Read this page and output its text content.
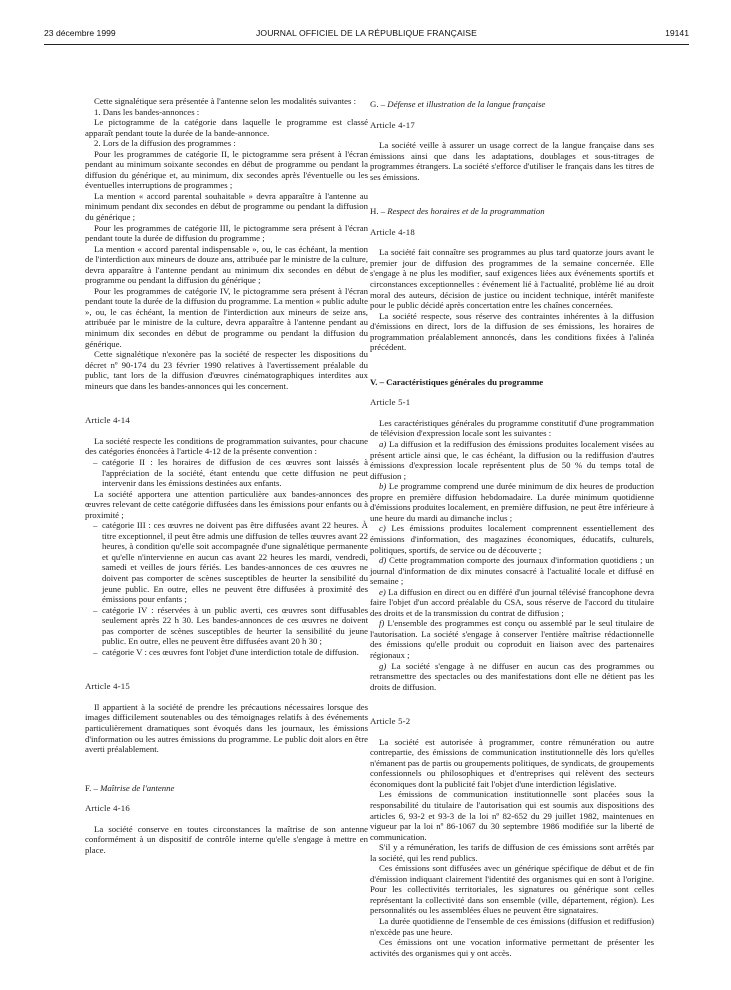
23 décembre 1999	JOURNAL OFFICIEL DE LA RÉPUBLIQUE FRANÇAISE	19141

Cette signalétique sera présentée à l'antenne selon les modalités suivantes :

1. Dans les bandes-annonces :

Le pictogramme de la catégorie dans laquelle le programme est classé apparaît pendant toute la durée de la bande-annonce.

2. Lors de la diffusion des programmes :

Pour les programmes de catégorie II, le pictogramme sera présent à l'écran pendant au minimum soixante secondes en début de programme ou pendant la diffusion du générique et, au minimum, dix secondes après l'éventuelle ou les éventuelles interruptions de programmes ;

La mention « accord parental souhaitable » devra apparaître à l'antenne au minimum pendant dix secondes en début de programme ou pendant la diffusion du générique ;

Pour les programmes de catégorie III, le pictogramme sera présent à l'écran pendant toute la durée de diffusion du programme ;

La mention « accord parental indispensable », ou, le cas échéant, la mention de l'interdiction aux mineurs de douze ans, attribuée par le ministre de la culture, devra apparaître à l'antenne pendant au minimum dix secondes en début de programme ou pendant la diffusion du générique ;

Pour les programmes de catégorie IV, le pictogramme sera présent à l'écran pendant toute la durée de la diffusion du programme. La mention « public adulte », ou, le cas échéant, la mention de l'interdiction aux mineurs de seize ans, attribuée par le ministre de la culture, devra apparaître à l'antenne pendant au minimum dix secondes en début de programme ou pendant la diffusion du générique.

Cette signalétique n'exonère pas la société de respecter les dispositions du décret nº 90-174 du 23 février 1990 relatives à l'avertissement préalable du public, tant lors de la diffusion d'œuvres cinématographiques interdites aux mineurs que dans les bandes-annonces qui les concernent.

Article 4-14

La société respecte les conditions de programmation suivantes, pour chacune des catégories énoncées à l'article 4-12 de la présente convention :

– catégorie II : les horaires de diffusion de ces œuvres sont laissés à l'appréciation de la société, étant entendu que cette diffusion ne peut intervenir dans les émissions destinées aux enfants.

La société apportera une attention particulière aux bandes-annonces des œuvres relevant de cette catégorie diffusées dans les émissions pour enfants ou à proximité ;

– catégorie III : ces œuvres ne doivent pas être diffusées avant 22 heures. À titre exceptionnel, il peut être admis une diffusion de telles œuvres avant 22 heures, à condition qu'elle soit accompagnée d'une signalétique permanente et qu'elle n'intervienne en aucun cas avant 22 heures les mardi, vendredi, samedi et veilles de jours fériés. Les bandes-annonces de ces œuvres ne doivent pas comporter de scènes susceptibles de heurter la sensibilité du jeune public. En outre, elles ne peuvent être diffusées à proximité des émissions pour enfants ;
– catégorie IV : réservées à un public averti, ces œuvres sont diffusables seulement après 22 h 30. Les bandes-annonces de ces œuvres ne doivent pas comporter de scènes susceptibles de heurter la sensibilité du jeune public. En outre, elles ne peuvent être diffusées avant 20 h 30 ;
– catégorie V : ces œuvres font l'objet d'une interdiction totale de diffusion.

Article 4-15

Il appartient à la société de prendre les précautions nécessaires lorsque des images difficilement soutenables ou des témoignages relatifs à des événements particulièrement dramatiques sont évoqués dans les journaux, les émissions d'information ou les autres émissions du programme. Le public doit alors en être averti préalablement.

F. – Maîtrise de l'antenne

Article 4-16

La société conserve en toutes circonstances la maîtrise de son antenne conformément à un dispositif de contrôle interne qu'elle s'engage à mettre en place.

G. – Défense et illustration de la langue française

Article 4-17

La société veille à assurer un usage correct de la langue française dans ses émissions ainsi que dans les adaptations, doublages et sous-titrages de programmes étrangers. La société s'efforce d'utiliser le français dans les titres de ses émissions.

H. – Respect des horaires et de la programmation

Article 4-18

La société fait connaître ses programmes au plus tard quatorze jours avant le premier jour de diffusion des programmes de la semaine concernée. Elle s'engage à ne plus les modifier, sauf exigences liées aux événements sportifs et circonstances exceptionnelles : événement lié à l'actualité, problème lié au droit moral des auteurs, décision de justice ou incident technique, intérêt manifeste pour le public décidé après concertation entre les chaînes concernées.

La société respecte, sous réserve des contraintes inhérentes à la diffusion d'émissions en direct, lors de la diffusion de ses émissions, les horaires de programmation préalablement annoncés, dans les conditions fixées à l'alinéa précédent.

V. – Caractéristiques générales du programme

Article 5-1

Les caractéristiques générales du programme constitutif d'une programmation de télévision d'expression locale sont les suivantes :

a) La diffusion et la rediffusion des émissions produites localement visées au présent article ainsi que, le cas échéant, la diffusion ou la rediffusion d'autres émissions d'expression locale représentent plus de 50 % du temps total de diffusion ;

b) Le programme comprend une durée minimum de dix heures de production propre en première diffusion hebdomadaire. La durée minimum quotidienne d'émissions produites localement, en première diffusion, ne peut être inférieure à une heure du mardi au dimanche inclus ;

c) Les émissions produites localement comprennent essentiellement des émissions d'information, des magazines économiques, éducatifs, culturels, politiques, sportifs, de service ou de découverte ;

d) Cette programmation comporte des journaux d'information quotidiens ; un journal d'information de dix minutes consacré à l'actualité locale et diffusé en semaine ;

e) La diffusion en direct ou en différé d'un journal télévisé francophone devra faire l'objet d'un accord préalable du CSA, sous réserve de l'accord du titulaire des droits et de la transmission du contrat de diffusion ;

f) L'ensemble des programmes est conçu ou assemblé par le seul titulaire de l'autorisation. La société s'engage à conserver l'entière maîtrise rédactionnelle des émissions qu'elle produit ou coproduit en liaison avec des partenaires régionaux ;

g) La société s'engage à ne diffuser en aucun cas des programmes ou retransmettre des spectacles ou des manifestations dont elle ne détient pas les droits de diffusion.

Article 5-2

La société est autorisée à programmer, contre rémunération ou autre contrepartie, des émissions de communication institutionnelle dès lors qu'elles n'émanent pas de partis ou groupements politiques, de syndicats, de groupements confessionnels ou philosophiques et d'entreprises qui relèvent des secteurs économiques dont la publicité fait l'objet d'une interdiction législative.

Les émissions de communication institutionnelle sont placées sous la responsabilité du titulaire de l'autorisation qui est soumis aux dispositions des articles 6, 93-2 et 93-3 de la loi nº 82-652 du 29 juillet 1982, maintenues en vigueur par la loi nº 86-1067 du 30 septembre 1986 modifiée sur la liberté de communication.

S'il y a rémunération, les tarifs de diffusion de ces émissions sont arrêtés par la société, qui les rend publics.

Ces émissions sont diffusées avec un générique spécifique de début et de fin d'émission indiquant clairement l'identité des organismes qui en sont à l'origine. Pour les collectivités territoriales, les signatures ou générique sont celles représentant la collectivité dans son ensemble (ville, département, région). Les personnalités ou les assemblées élues ne peuvent être signataires.

La durée quotidienne de l'ensemble de ces émissions (diffusion et rediffusion) n'excède pas une heure.

Ces émissions ont une vocation informative permettant de présenter les activités des organismes qui y ont accès.
